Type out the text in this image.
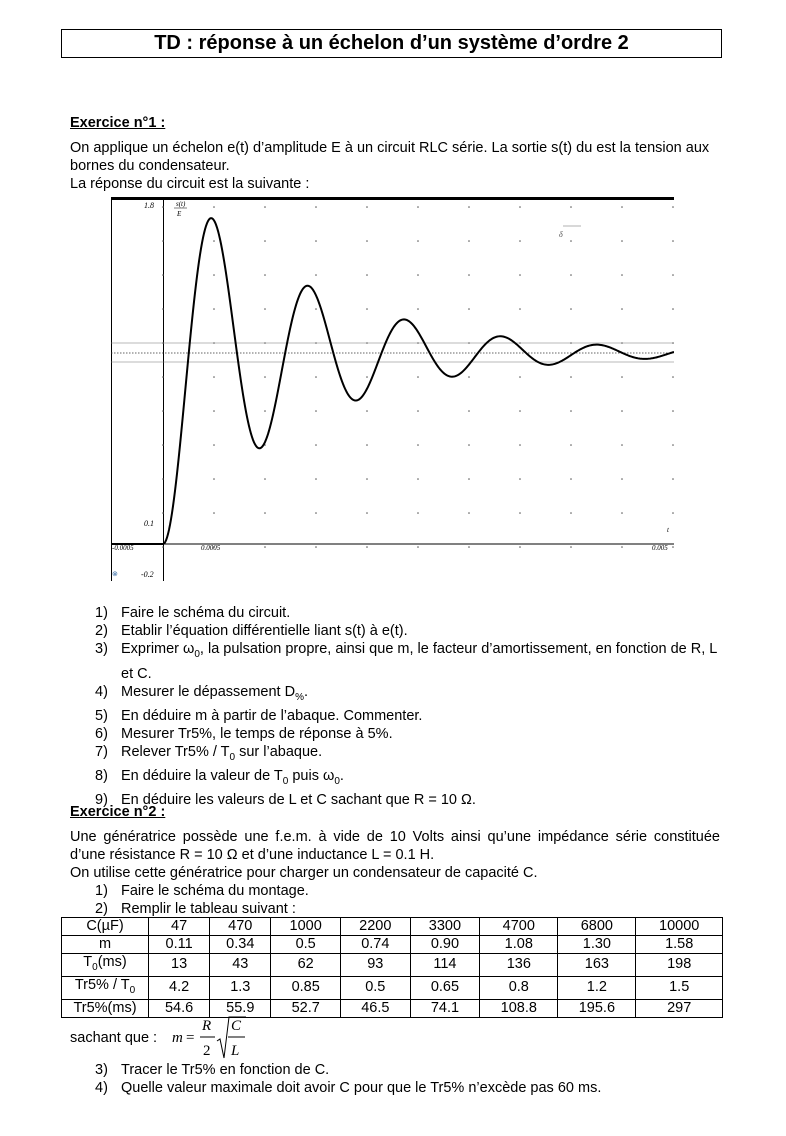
TD : réponse à un échelon d’un système d’ordre 2
Exercice n°1 :
On applique un échelon e(t) d’amplitude E à un circuit RLC série. La sortie s(t) du est la tension aux bornes du condensateur.
La réponse du circuit est la suivante :
1.8	s(t)
E
0.1
-0.2
-0.0005	0.0005	0.005
t
δ
⊗
1) Faire le schéma du circuit.
2) Etablir l’équation différentielle liant s(t) à e(t).
3) Exprimer $\omega_0$, la pulsation propre, ainsi que m, le facteur d’amortissement, en fonction de R, L et C.
4) Mesurer le dépassement $D_{\%}$.
5) En déduire m à partir de l’abaque. Commenter.
6) Mesurer Tr5%, le temps de réponse à 5%.
7) Relever $Tr5\% / T_0$ sur l’abaque.
8) En déduire la valeur de $T_0$ puis $\omega_0$.
9) En déduire les valeurs de L et C sachant que R = 10 Ω.
Exercice n°2 :
Une génératrice possède une f.e.m. à vide de 10 Volts ainsi qu’une impédance série constituée d’une résistance R = 10 Ω et d’une inductance L = 0.1 H.
On utilise cette génératrice pour charger un condensateur de capacité C.
1) Faire le schéma du montage.
2) Remplir le tableau suivant :
C(µF)	47	470	1000	2200	3300	4700	6800	10000
m	0.11	0.34	0.5	0.74	0.90	1.08	1.30	1.58
$T_0(ms)$	13	43	62	93	114	136	163	198
$Tr5\% / T_0$	4.2	1.3	0.85	0.5	0.65	0.8	1.2	1.5
Tr5%(ms)	54.6	55.9	52.7	46.5	74.1	108.8	195.6	297
sachant que : m =
R
2
C
L
3) Tracer le Tr5% en fonction de C.
4) Quelle valeur maximale doit avoir C pour que le Tr5% n’excède pas 60 ms.
